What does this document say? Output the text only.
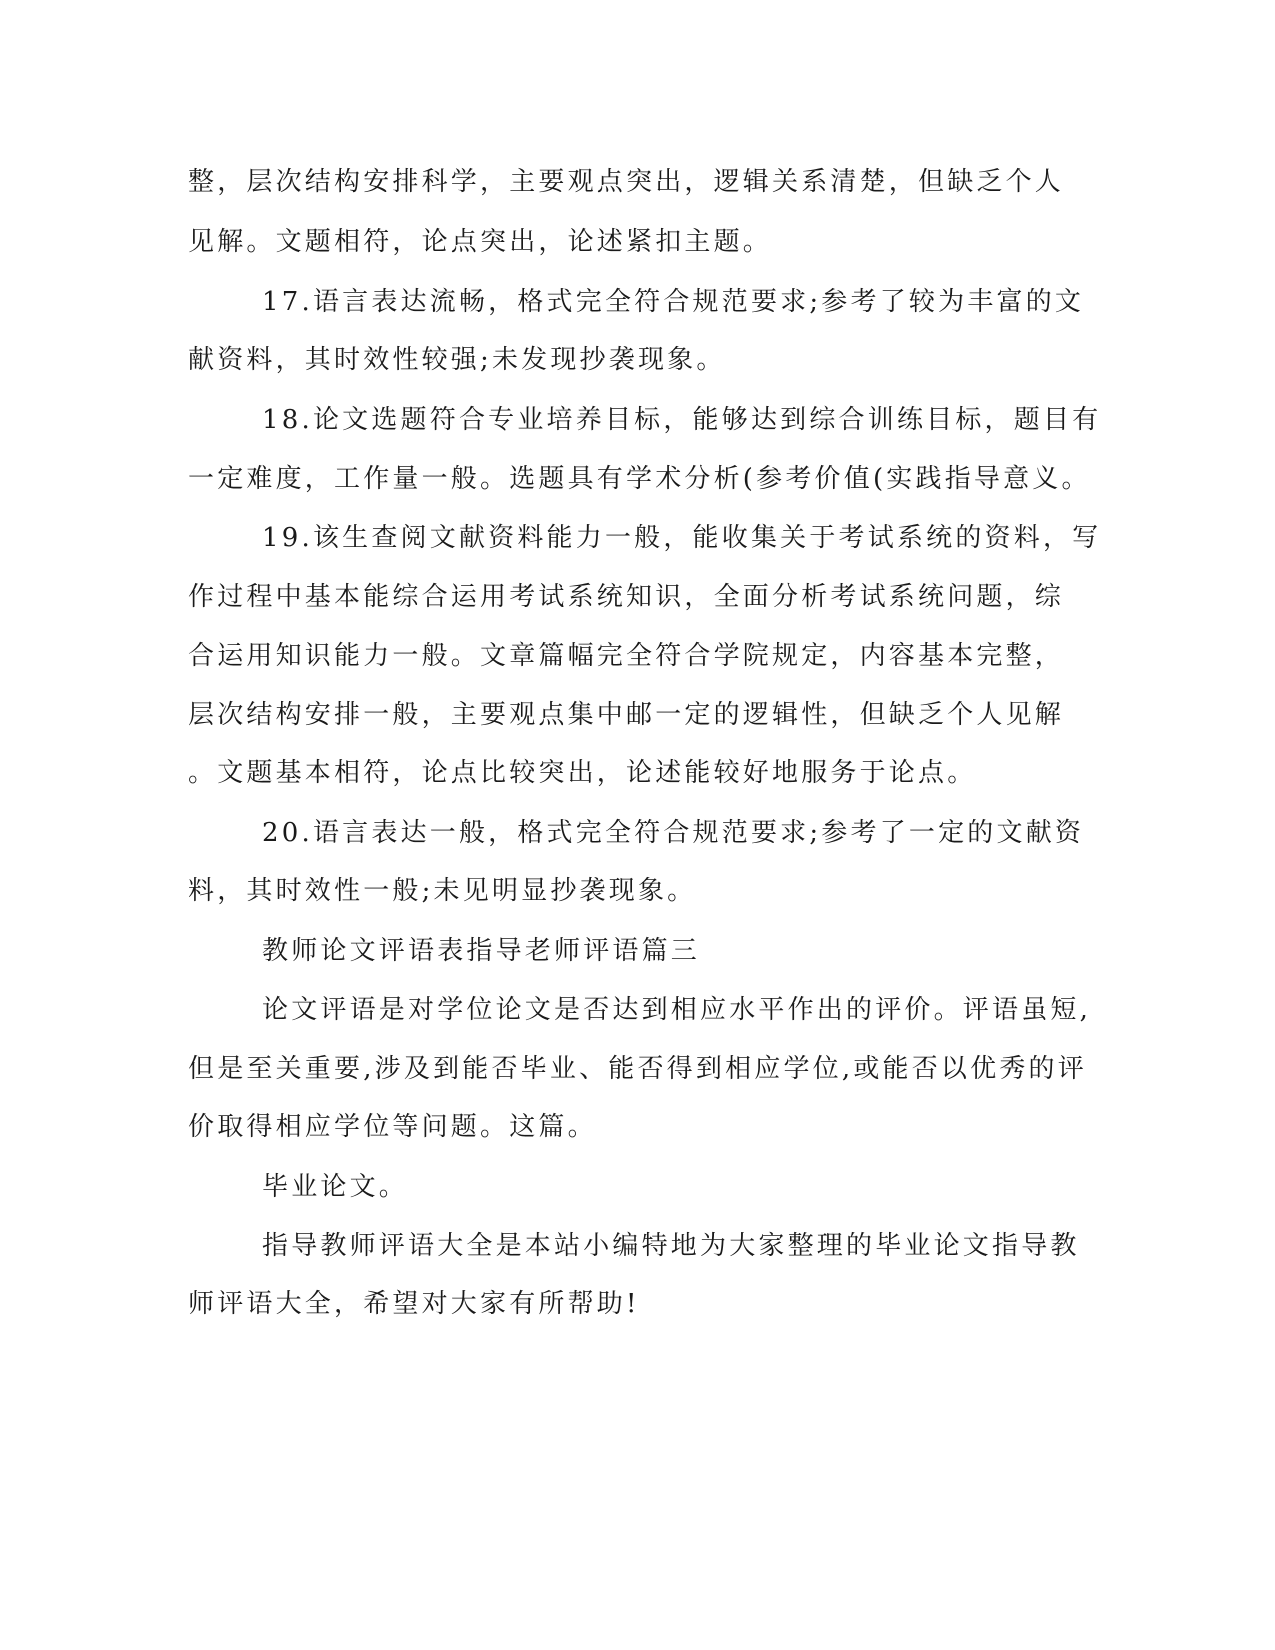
整，层次结构安排科学，主要观点突出，逻辑关系清楚，但缺乏个人
见解。文题相符，论点突出，论述紧扣主题。
17.语言表达流畅，格式完全符合规范要求;参考了较为丰富的文
献资料，其时效性较强;未发现抄袭现象。
18.论文选题符合专业培养目标，能够达到综合训练目标，题目有
一定难度，工作量一般。选题具有学术分析(参考价值(实践指导意义。
19.该生查阅文献资料能力一般，能收集关于考试系统的资料，写
作过程中基本能综合运用考试系统知识，全面分析考试系统问题，综
合运用知识能力一般。文章篇幅完全符合学院规定，内容基本完整，
层次结构安排一般，主要观点集中邮一定的逻辑性，但缺乏个人见解
。文题基本相符，论点比较突出，论述能较好地服务于论点。
20.语言表达一般，格式完全符合规范要求;参考了一定的文献资
料，其时效性一般;未见明显抄袭现象。
教师论文评语表指导老师评语篇三
论文评语是对学位论文是否达到相应水平作出的评价。评语虽短,
但是至关重要,涉及到能否毕业、能否得到相应学位,或能否以优秀的评
价取得相应学位等问题。这篇。
毕业论文。
指导教师评语大全是本站小编特地为大家整理的毕业论文指导教
师评语大全，希望对大家有所帮助!
